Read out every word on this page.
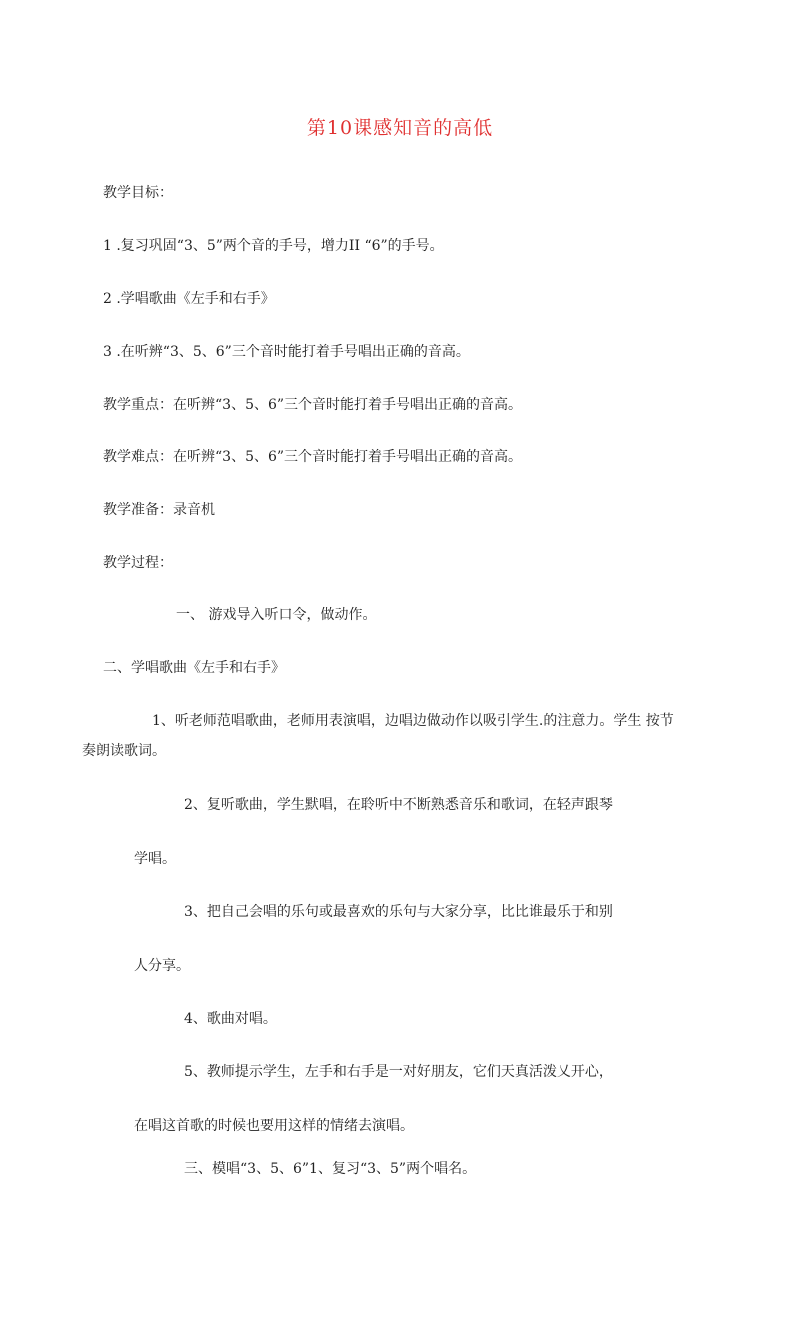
第10课感知音的高低
教学目标：
1 .复习巩固“3、5”两个音的手号，增力II “6”的手号。
2 .学唱歌曲《左手和右手》
3 .在听辨“3、5、6”三个音时能打着手号唱出正确的音高。
教学重点：在听辨“3、5、6”三个音时能打着手号唱出正确的音高。
教学难点：在听辨“3、5、6”三个音时能打着手号唱出正确的音高。
教学准备：录音机
教学过程：
一、 游戏导入听口令，做动作。
二、学唱歌曲《左手和右手》
1、听老师范唱歌曲，老师用表演唱，边唱边做动作以吸引学生.的注意力。学生 按节
奏朗读歌词。
2、复听歌曲，学生默唱，在聆听中不断熟悉音乐和歌词，在轻声跟琴
学唱。
3、把自己会唱的乐句或最喜欢的乐句与大家分享，比比谁最乐于和别
人分享。
4、歌曲对唱。
5、教师提示学生，左手和右手是一对好朋友，它们天真活泼乂开心，
在唱这首歌的时候也要用这样的情绪去演唱。
三、模唱“3、5、6”1、复习“3、5”两个唱名。
